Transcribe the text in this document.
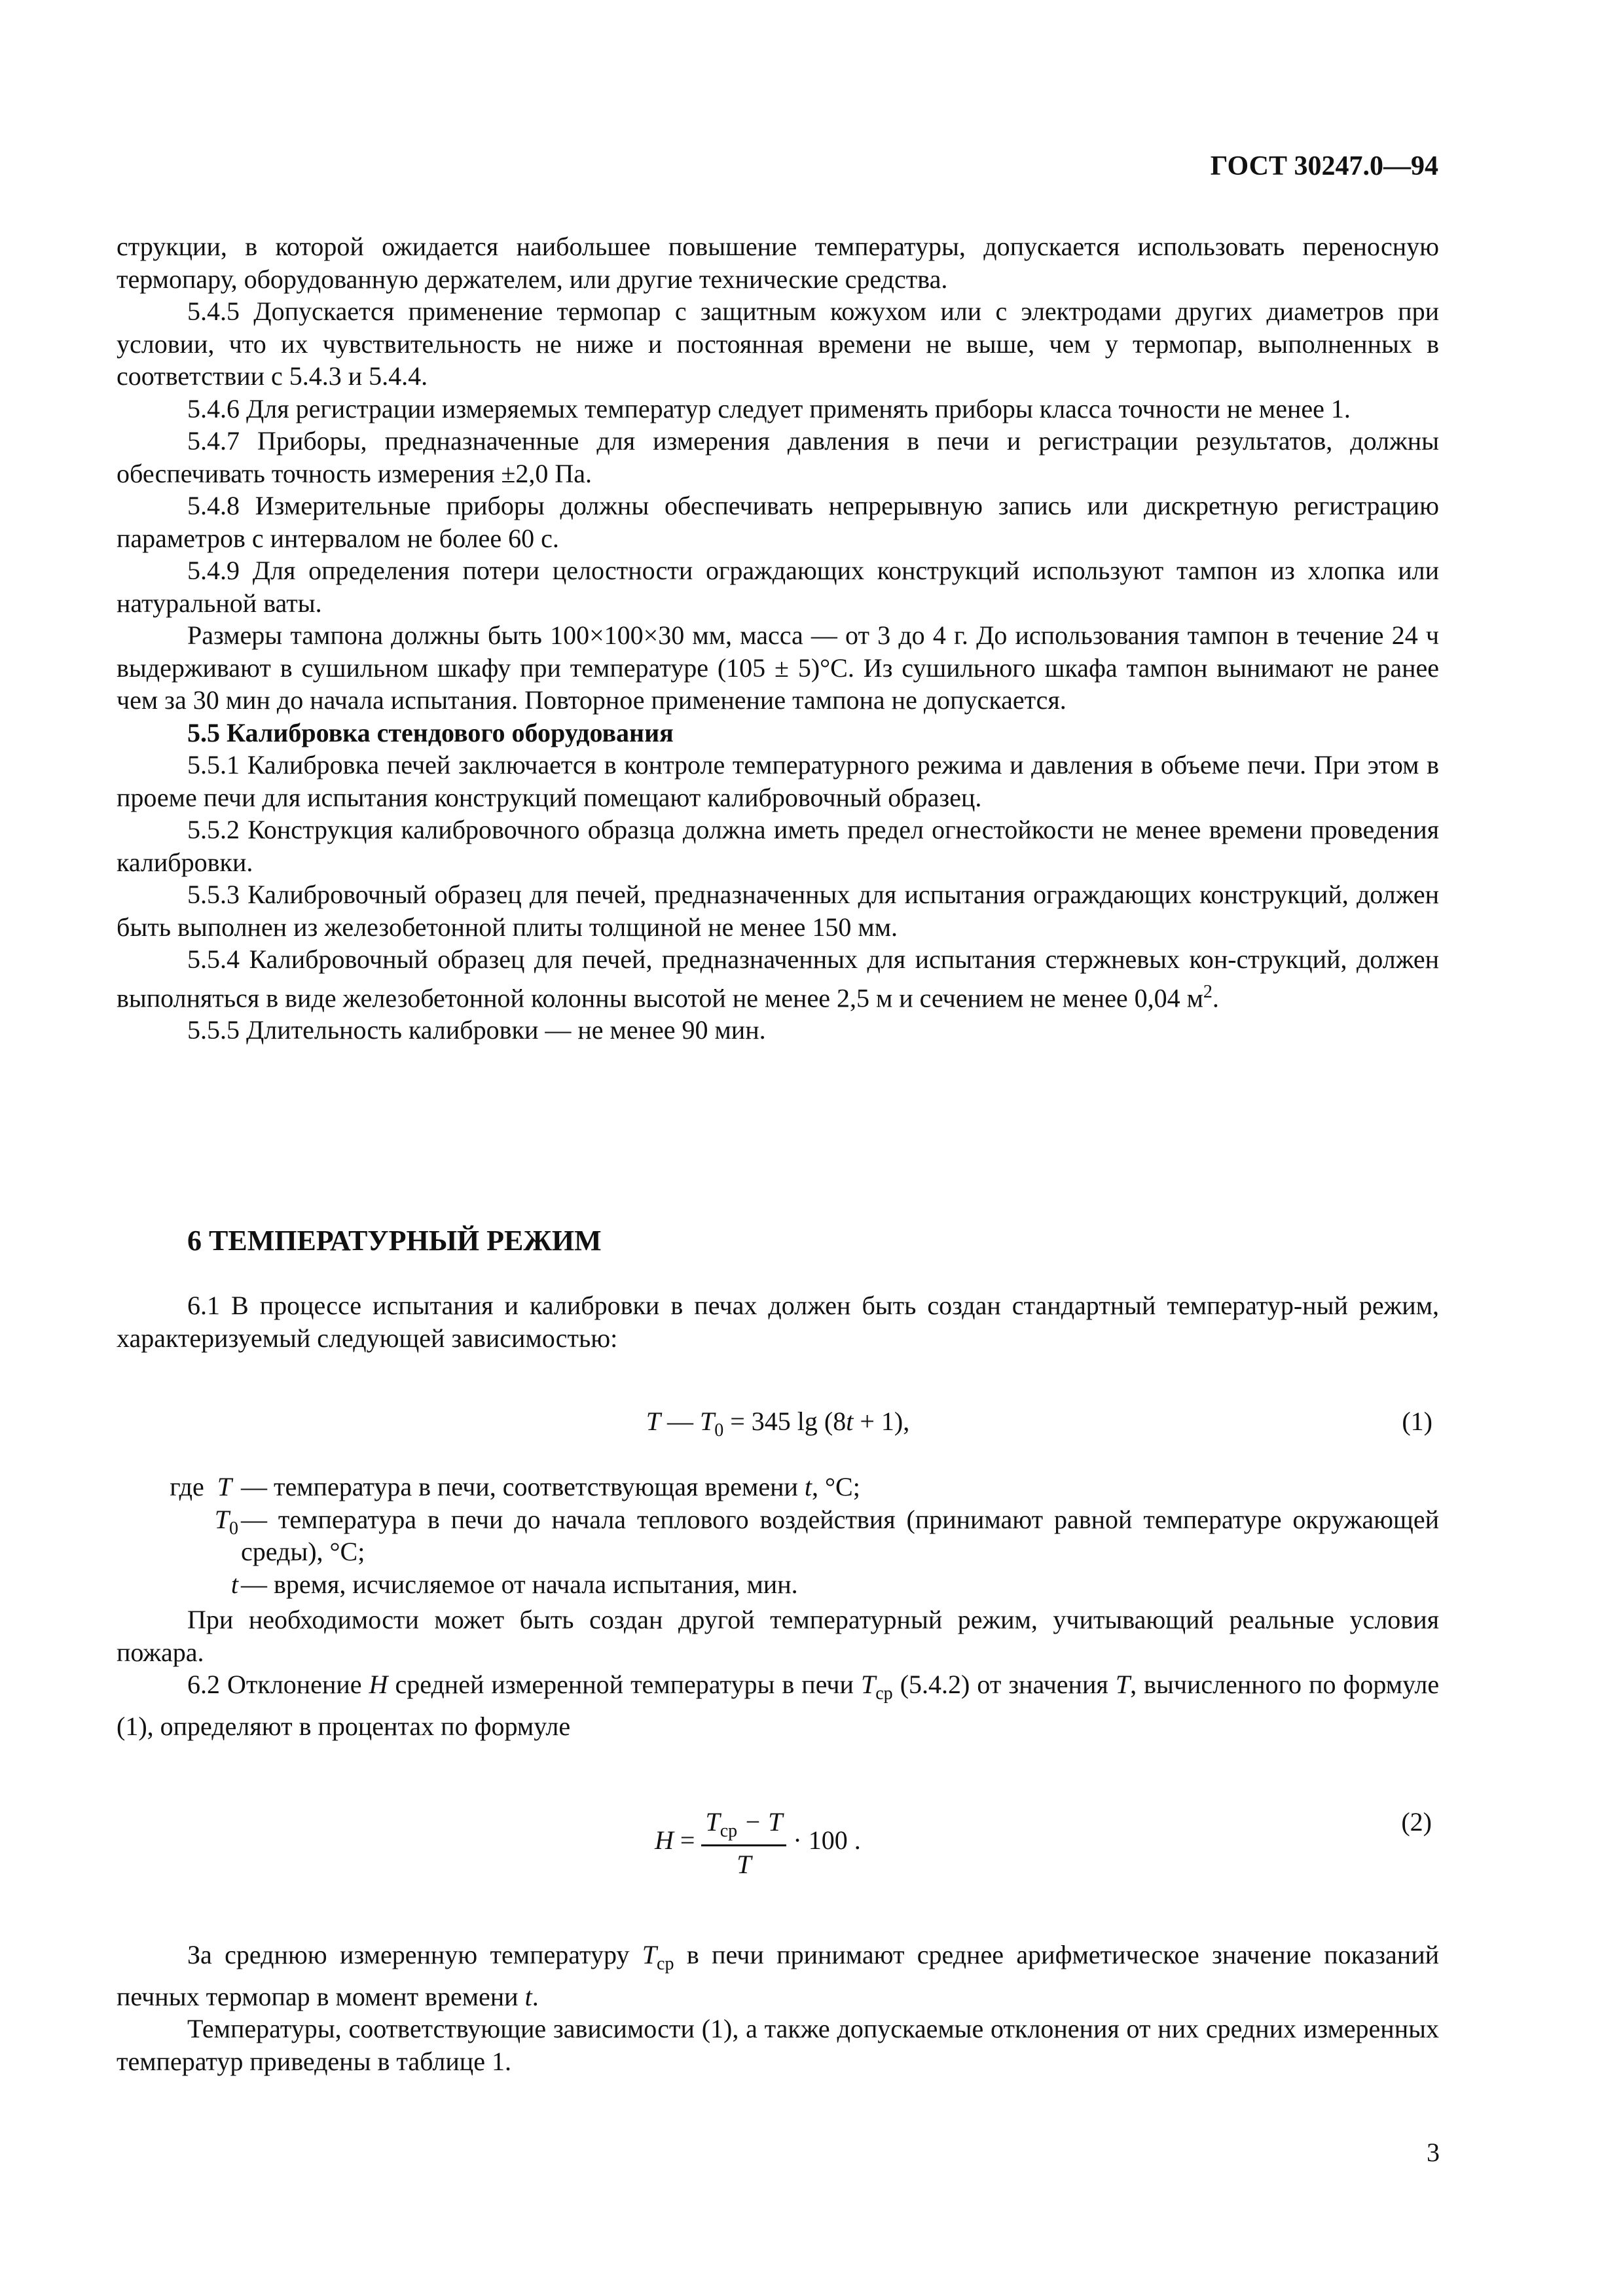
ГОСТ 30247.0—94

струкции, в которой ожидается наибольшее повышение температуры, допускается использовать переносную термопару, оборудованную держателем, или другие технические средства.

5.4.5 Допускается применение термопар с защитным кожухом или с электродами других диаметров при условии, что их чувствительность не ниже и постоянная времени не выше, чем у термопар, выполненных в соответствии с 5.4.3 и 5.4.4.

5.4.6 Для регистрации измеряемых температур следует применять приборы класса точности не менее 1.

5.4.7 Приборы, предназначенные для измерения давления в печи и регистрации результатов, должны обеспечивать точность измерения ±2,0 Па.

5.4.8 Измерительные приборы должны обеспечивать непрерывную запись или дискретную регистрацию параметров с интервалом не более 60 с.

5.4.9 Для определения потери целостности ограждающих конструкций используют тампон из хлопка или натуральной ваты.

Размеры тампона должны быть 100×100×30 мм, масса — от 3 до 4 г. До использования тампон в течение 24 ч выдерживают в сушильном шкафу при температуре (105 ± 5)°С. Из сушильного шкафа тампон вынимают не ранее чем за 30 мин до начала испытания. Повторное применение тампона не допускается.

5.5 Калибровка стендового оборудования

5.5.1 Калибровка печей заключается в контроле температурного режима и давления в объеме печи. При этом в проеме печи для испытания конструкций помещают калибровочный образец.

5.5.2 Конструкция калибровочного образца должна иметь предел огнестойкости не менее времени проведения калибровки.

5.5.3 Калибровочный образец для печей, предназначенных для испытания ограждающих конструкций, должен быть выполнен из железобетонной плиты толщиной не менее 150 мм.

5.5.4 Калибровочный образец для печей, предназначенных для испытания стержневых кон-струкций, должен выполняться в виде железобетонной колонны высотой не менее 2,5 м и сечением не менее 0,04 $м^2$.

5.5.5 Длительность калибровки — не менее 90 мин.

6 ТЕМПЕРАТУРНЫЙ РЕЖИМ

6.1 В процессе испытания и калибровки в печах должен быть создан стандартный температур-ный режим, характеризуемый следующей зависимостью:

T — $T_0 = 345$ lg (8t + 1),	(1)
где T — температура в печи, соответствующая времени t, °С;
$T_0$ — температура в печи до начала теплового воздействия (принимают равной температуре окружающей среды), °С;
t — время, исчисляемое от начала испытания, мин.

При необходимости может быть создан другой температурный режим, учитывающий реальные условия пожара.

6.2 Отклонение H средней измеренной температуры в печи $T_{ср}$ (5.4.2) от значения T, вычисленного по формуле (1), определяют в процентах по формуле

$H = \frac{T_{ср} - T}{T} \cdot 100$ .
(2)

За среднюю измеренную температуру $T_{ср}$ в печи принимают среднее арифметическое значение показаний печных термопар в момент времени t.

Температуры, соответствующие зависимости (1), а также допускаемые отклонения от них средних измеренных температур приведены в таблице 1.

3
